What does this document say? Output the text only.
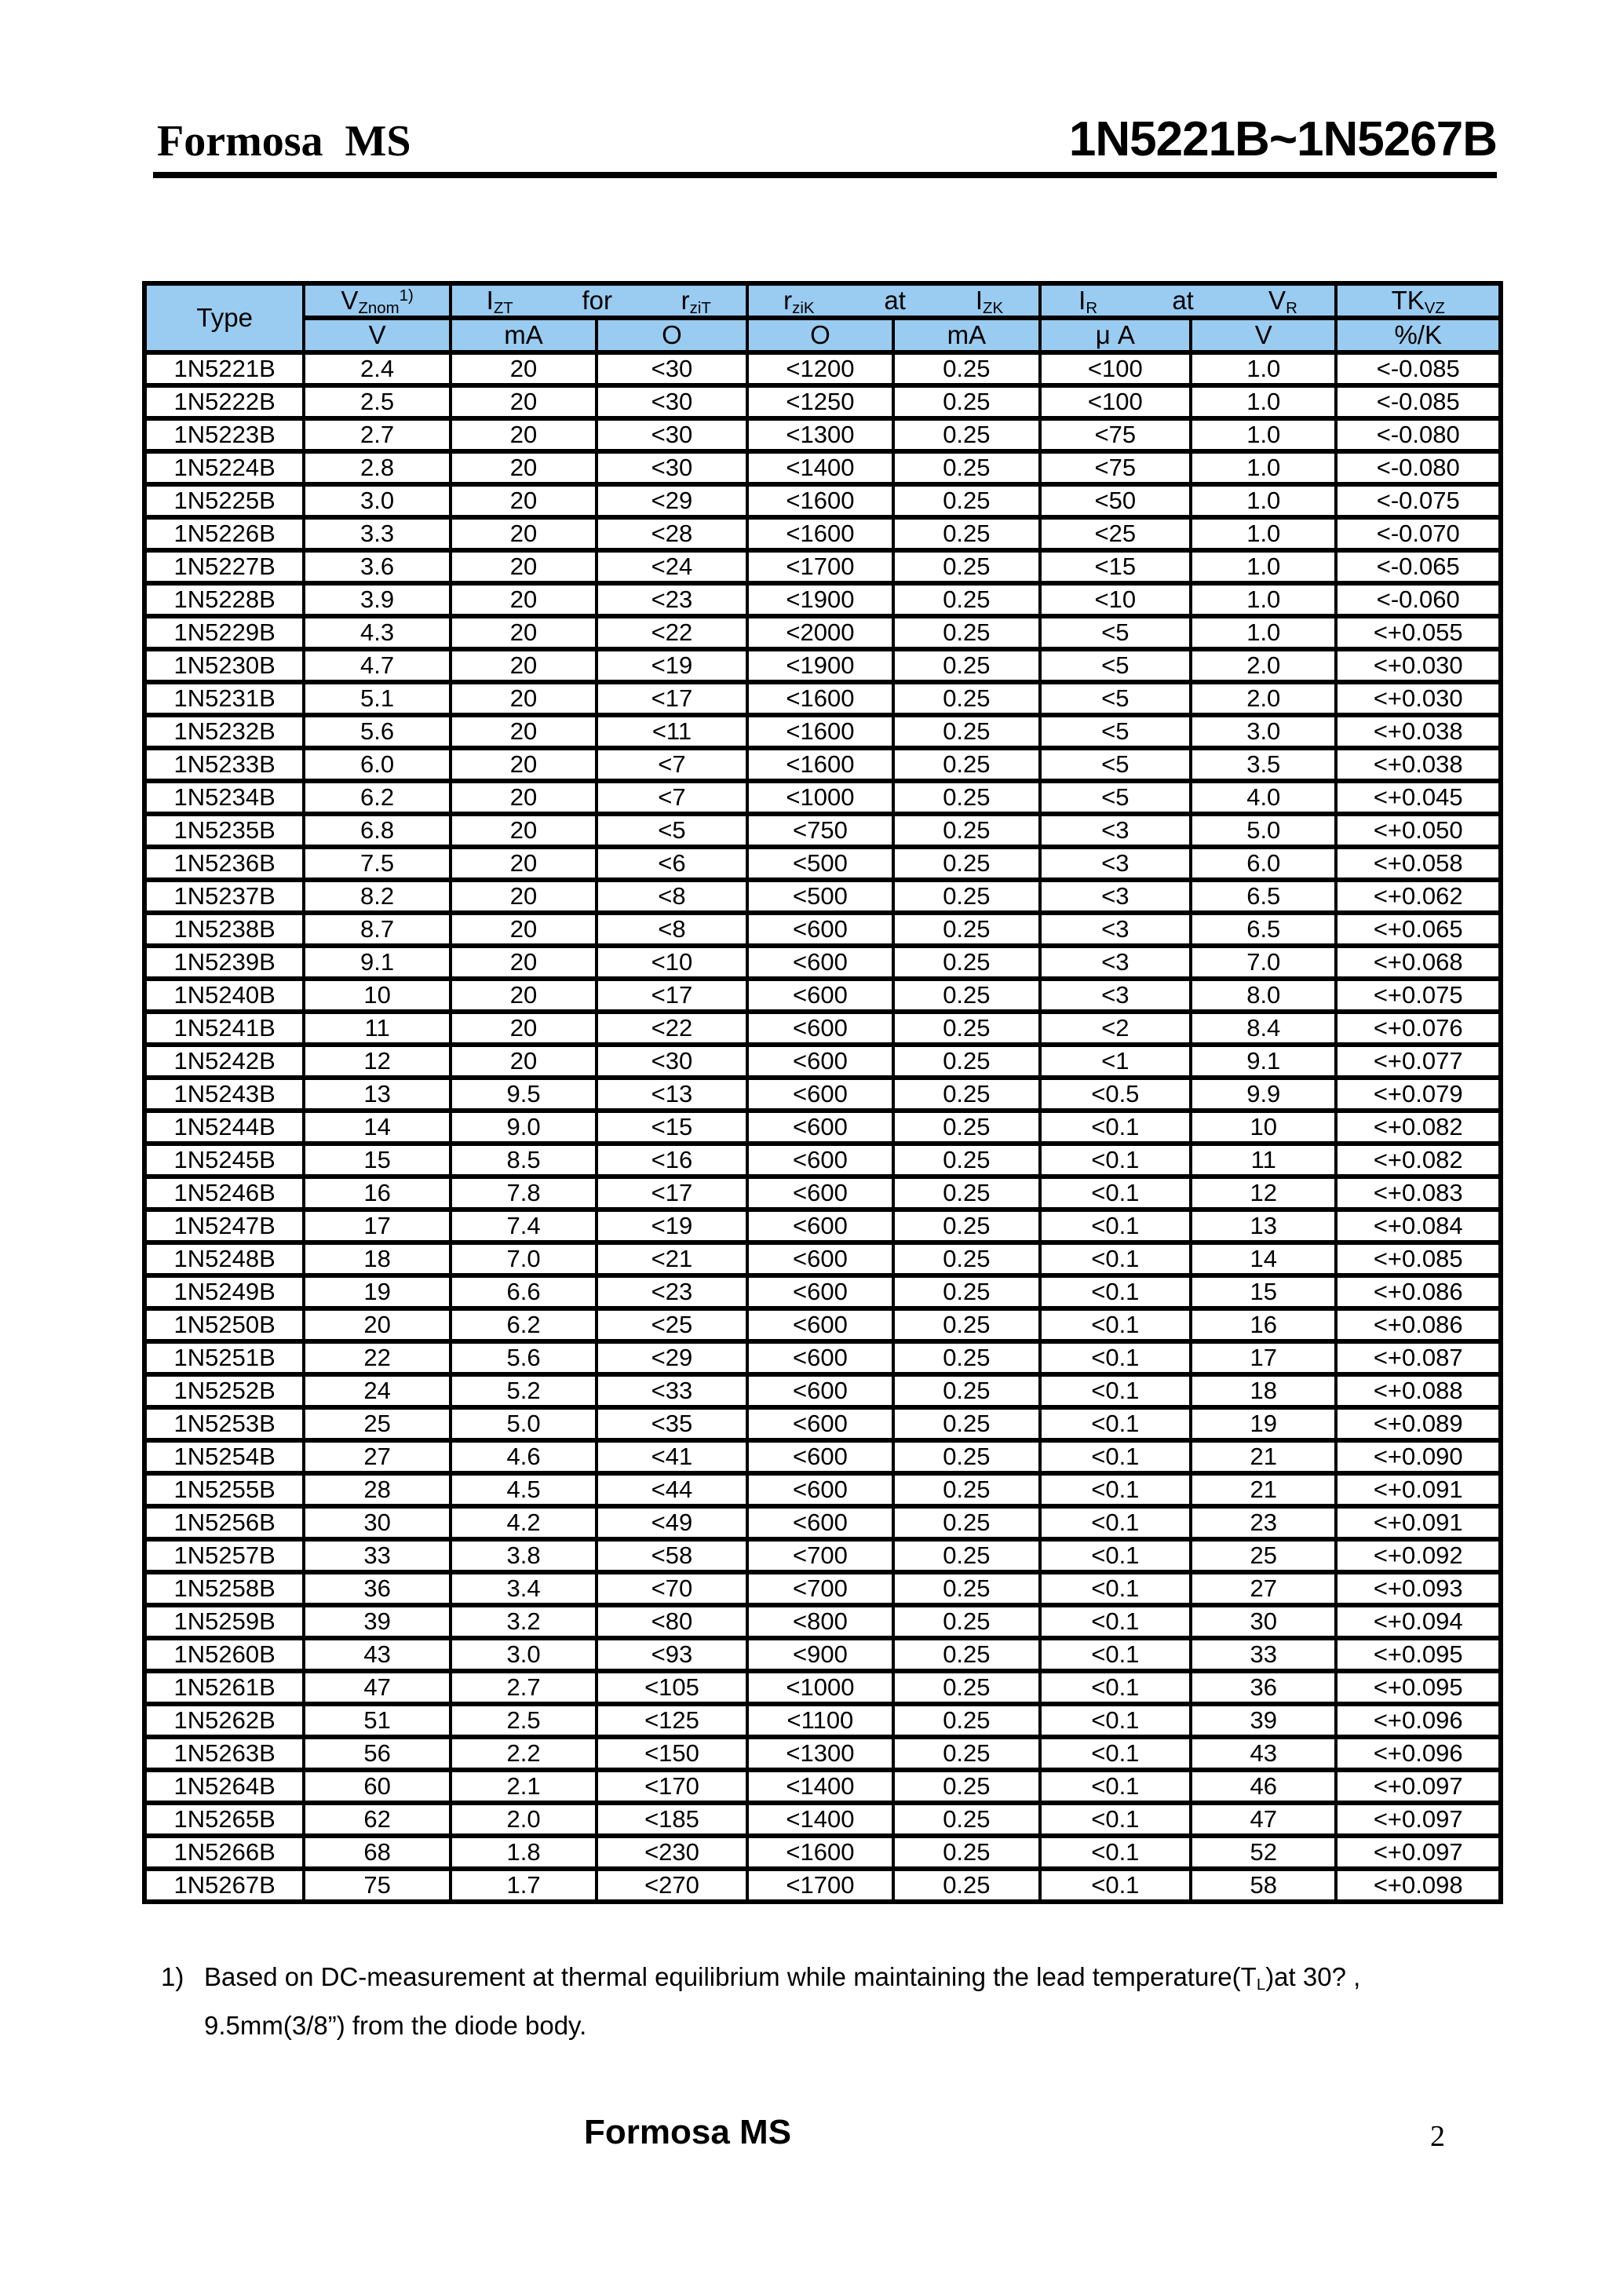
Formosa  MS	1N5221B~1N5267B
Type	$V_{Znom}^{1)}$	$I_{ZT}$ for $r_{ziT}$		$r_{ziK}$ at $I_{ZK}$		$I_R$ at $V_R$		$TK_{VZ}$
	V	mA	O	O	mA	μ A	V	%/K
1N5221B	2.4	20	<30	<1200	0.25	<100	1.0	<-0.085
1N5222B	2.5	20	<30	<1250	0.25	<100	1.0	<-0.085
1N5223B	2.7	20	<30	<1300	0.25	<75	1.0	<-0.080
1N5224B	2.8	20	<30	<1400	0.25	<75	1.0	<-0.080
1N5225B	3.0	20	<29	<1600	0.25	<50	1.0	<-0.075
1N5226B	3.3	20	<28	<1600	0.25	<25	1.0	<-0.070
1N5227B	3.6	20	<24	<1700	0.25	<15	1.0	<-0.065
1N5228B	3.9	20	<23	<1900	0.25	<10	1.0	<-0.060
1N5229B	4.3	20	<22	<2000	0.25	<5	1.0	<+0.055
1N5230B	4.7	20	<19	<1900	0.25	<5	2.0	<+0.030
1N5231B	5.1	20	<17	<1600	0.25	<5	2.0	<+0.030
1N5232B	5.6	20	<11	<1600	0.25	<5	3.0	<+0.038
1N5233B	6.0	20	<7	<1600	0.25	<5	3.5	<+0.038
1N5234B	6.2	20	<7	<1000	0.25	<5	4.0	<+0.045
1N5235B	6.8	20	<5	<750	0.25	<3	5.0	<+0.050
1N5236B	7.5	20	<6	<500	0.25	<3	6.0	<+0.058
1N5237B	8.2	20	<8	<500	0.25	<3	6.5	<+0.062
1N5238B	8.7	20	<8	<600	0.25	<3	6.5	<+0.065
1N5239B	9.1	20	<10	<600	0.25	<3	7.0	<+0.068
1N5240B	10	20	<17	<600	0.25	<3	8.0	<+0.075
1N5241B	11	20	<22	<600	0.25	<2	8.4	<+0.076
1N5242B	12	20	<30	<600	0.25	<1	9.1	<+0.077
1N5243B	13	9.5	<13	<600	0.25	<0.5	9.9	<+0.079
1N5244B	14	9.0	<15	<600	0.25	<0.1	10	<+0.082
1N5245B	15	8.5	<16	<600	0.25	<0.1	11	<+0.082
1N5246B	16	7.8	<17	<600	0.25	<0.1	12	<+0.083
1N5247B	17	7.4	<19	<600	0.25	<0.1	13	<+0.084
1N5248B	18	7.0	<21	<600	0.25	<0.1	14	<+0.085
1N5249B	19	6.6	<23	<600	0.25	<0.1	15	<+0.086
1N5250B	20	6.2	<25	<600	0.25	<0.1	16	<+0.086
1N5251B	22	5.6	<29	<600	0.25	<0.1	17	<+0.087
1N5252B	24	5.2	<33	<600	0.25	<0.1	18	<+0.088
1N5253B	25	5.0	<35	<600	0.25	<0.1	19	<+0.089
1N5254B	27	4.6	<41	<600	0.25	<0.1	21	<+0.090
1N5255B	28	4.5	<44	<600	0.25	<0.1	21	<+0.091
1N5256B	30	4.2	<49	<600	0.25	<0.1	23	<+0.091
1N5257B	33	3.8	<58	<700	0.25	<0.1	25	<+0.092
1N5258B	36	3.4	<70	<700	0.25	<0.1	27	<+0.093
1N5259B	39	3.2	<80	<800	0.25	<0.1	30	<+0.094
1N5260B	43	3.0	<93	<900	0.25	<0.1	33	<+0.095
1N5261B	47	2.7	<105	<1000	0.25	<0.1	36	<+0.095
1N5262B	51	2.5	<125	<1100	0.25	<0.1	39	<+0.096
1N5263B	56	2.2	<150	<1300	0.25	<0.1	43	<+0.096
1N5264B	60	2.1	<170	<1400	0.25	<0.1	46	<+0.097
1N5265B	62	2.0	<185	<1400	0.25	<0.1	47	<+0.097
1N5266B	68	1.8	<230	<1600	0.25	<0.1	52	<+0.097
1N5267B	75	1.7	<270	<1700	0.25	<0.1	58	<+0.098
1) Based on DC-measurement at thermal equilibrium while maintaining the lead $temperature(T_L)at$ 30? ,
9.5mm(3/8”) from the diode body.
Formosa MS	2
